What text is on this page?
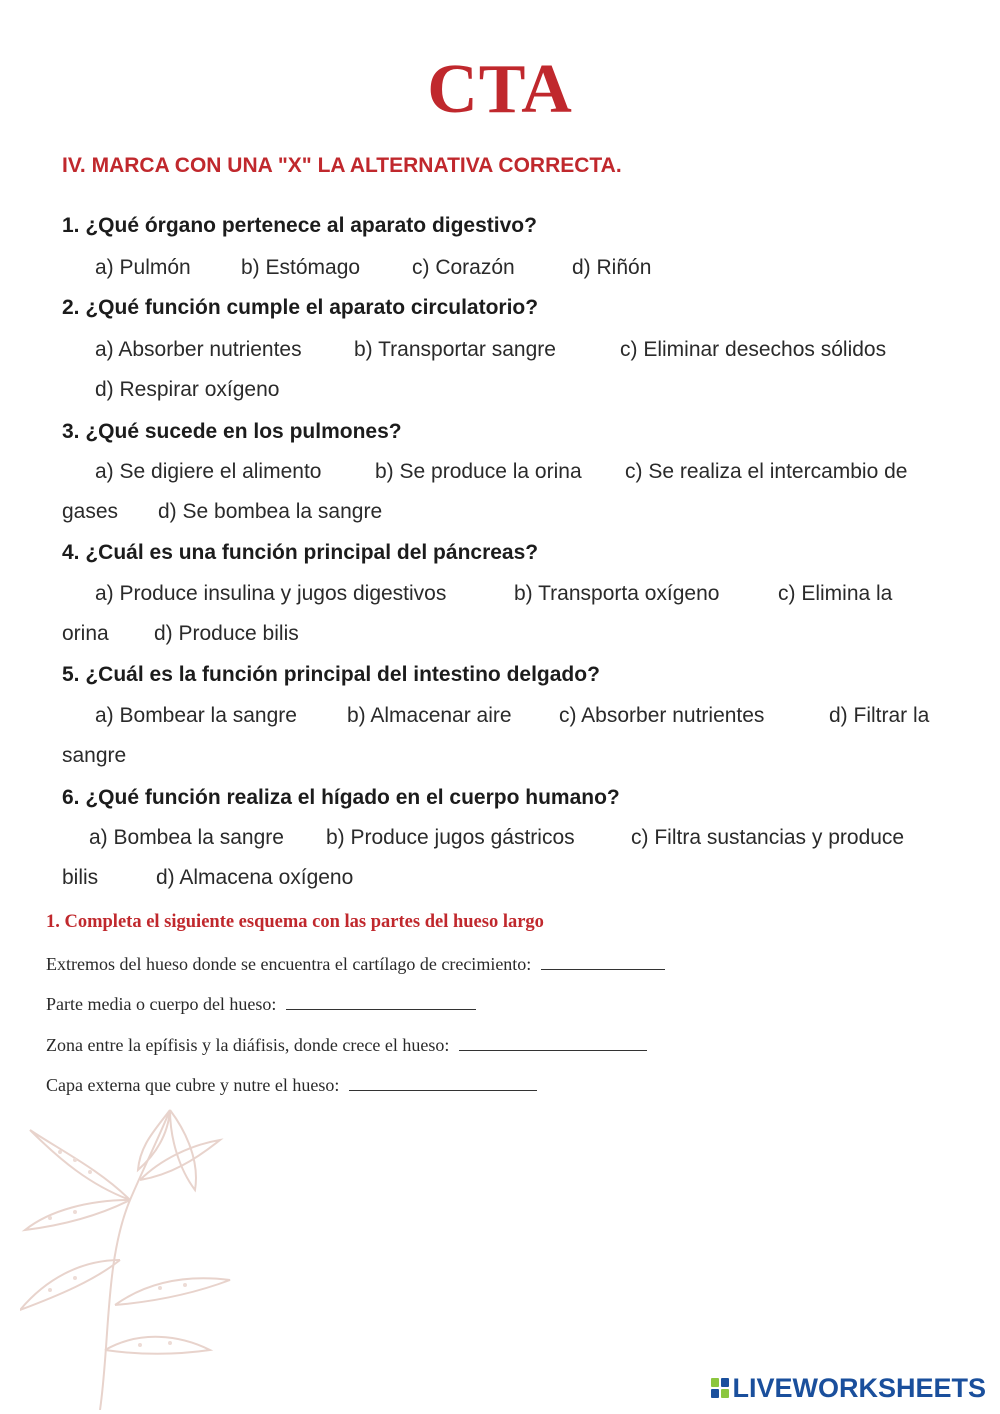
CTA
IV. MARCA CON UNA "X" LA ALTERNATIVA CORRECTA.
1. ¿Qué órgano pertenece al aparato digestivo?
a) Pulmón b) Estómago c) Corazón	d) Riñón
2. ¿Qué función cumple el aparato circulatorio?
a) Absorber nutrientes b) Transportar sangre	c) Eliminar desechos sólidos
d) Respirar oxígeno
3. ¿Qué sucede en los pulmones?
a) Se digiere el alimento	b) Se produce la orina c) Se realiza el intercambio de
gases d) Se bombea la sangre
4. ¿Cuál es una función principal del páncreas?
a) Produce insulina y jugos digestivos	b) Transporta oxígeno	c) Elimina la
orina d) Produce bilis
5. ¿Cuál es la función principal del intestino delgado?
a) Bombear la sangre b) Almacenar aire c) Absorber nutrientes	d) Filtrar la
sangre
6. ¿Qué función realiza el hígado en el cuerpo humano?
a) Bombea la sangre b) Produce jugos gástricos	c) Filtra sustancias y produce
bilis	d) Almacena oxígeno
1. Completa el siguiente esquema con las partes del hueso largo
Extremos del hueso donde se encuentra el cartílago de crecimiento:
Parte media o cuerpo del hueso:
Zona entre la epífisis y la diáfisis, donde crece el hueso:
Capa externa que cubre y nutre el hueso:
LIVEWORKSHEETS
